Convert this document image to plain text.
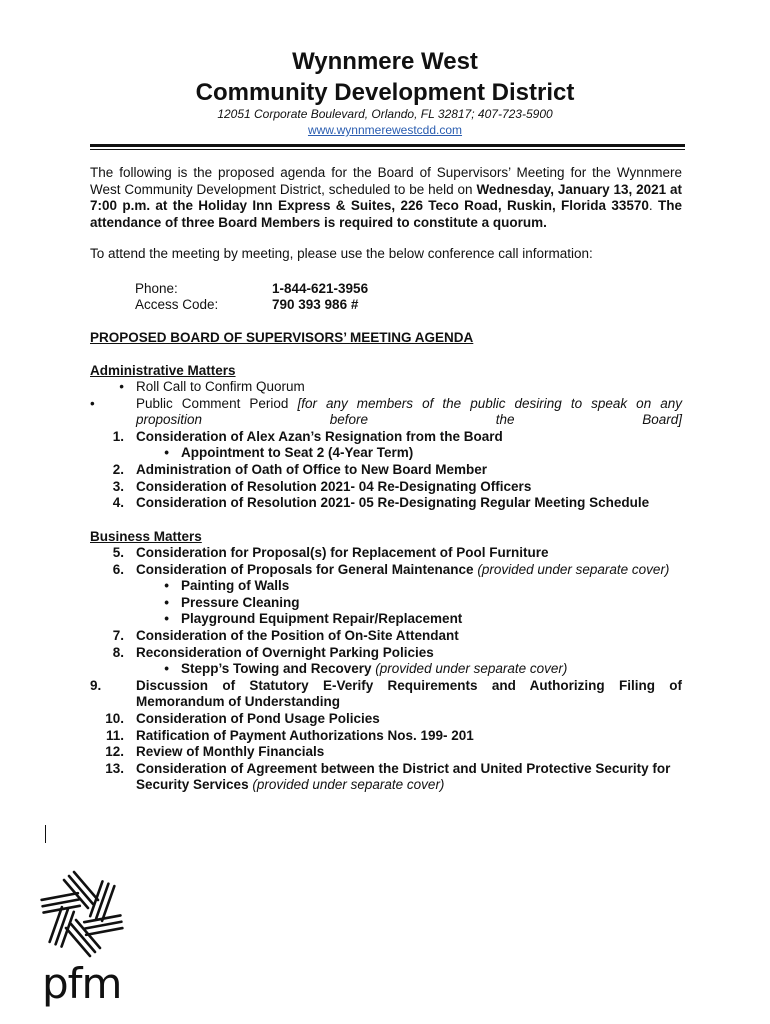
Wynnmere West
Community Development District
12051 Corporate Boulevard, Orlando, FL 32817; 407-723-5900
www.wynnmerewestcdd.com
The following is the proposed agenda for the Board of Supervisors’ Meeting for the Wynnmere West Community Development District, scheduled to be held on Wednesday, January 13, 2021 at 7:00 p.m. at the Holiday Inn Express & Suites, 226 Teco Road, Ruskin, Florida 33570. The attendance of three Board Members is required to constitute a quorum.
To attend the meeting by meeting, please use the below conference call information:
Phone:	1-844-621-3956
Access Code:	790 393 986 #
PROPOSED BOARD OF SUPERVISORS’ MEETING AGENDA
Administrative Matters
• Roll Call to Confirm Quorum
•	Public Comment Period [for any members of the public desiring to speak on any proposition before the Board]
1. Consideration of Alex Azan’s Resignation from the Board
• Appointment to Seat 2 (4-Year Term)
2. Administration of Oath of Office to New Board Member
3. Consideration of Resolution 2021- 04 Re-Designating Officers
4. Consideration of Resolution 2021- 05 Re-Designating Regular Meeting Schedule
Business Matters
5. Consideration for Proposal(s) for Replacement of Pool Furniture
6. Consideration of Proposals for General Maintenance (provided under separate cover)
• Painting of Walls
• Pressure Cleaning
• Playground Equipment Repair/Replacement
7. Consideration of the Position of On-Site Attendant
8. Reconsideration of Overnight Parking Policies
• Stepp’s Towing and Recovery (provided under separate cover)
9.	Discussion of Statutory E-Verify Requirements and Authorizing Filing of
Memorandum of Understanding
10. Consideration of Pond Usage Policies
11. Ratification of Payment Authorizations Nos. 199- 201
12. Review of Monthly Financials
13. Consideration of Agreement between the District and United Protective Security for Security Services (provided under separate cover)
pfm
